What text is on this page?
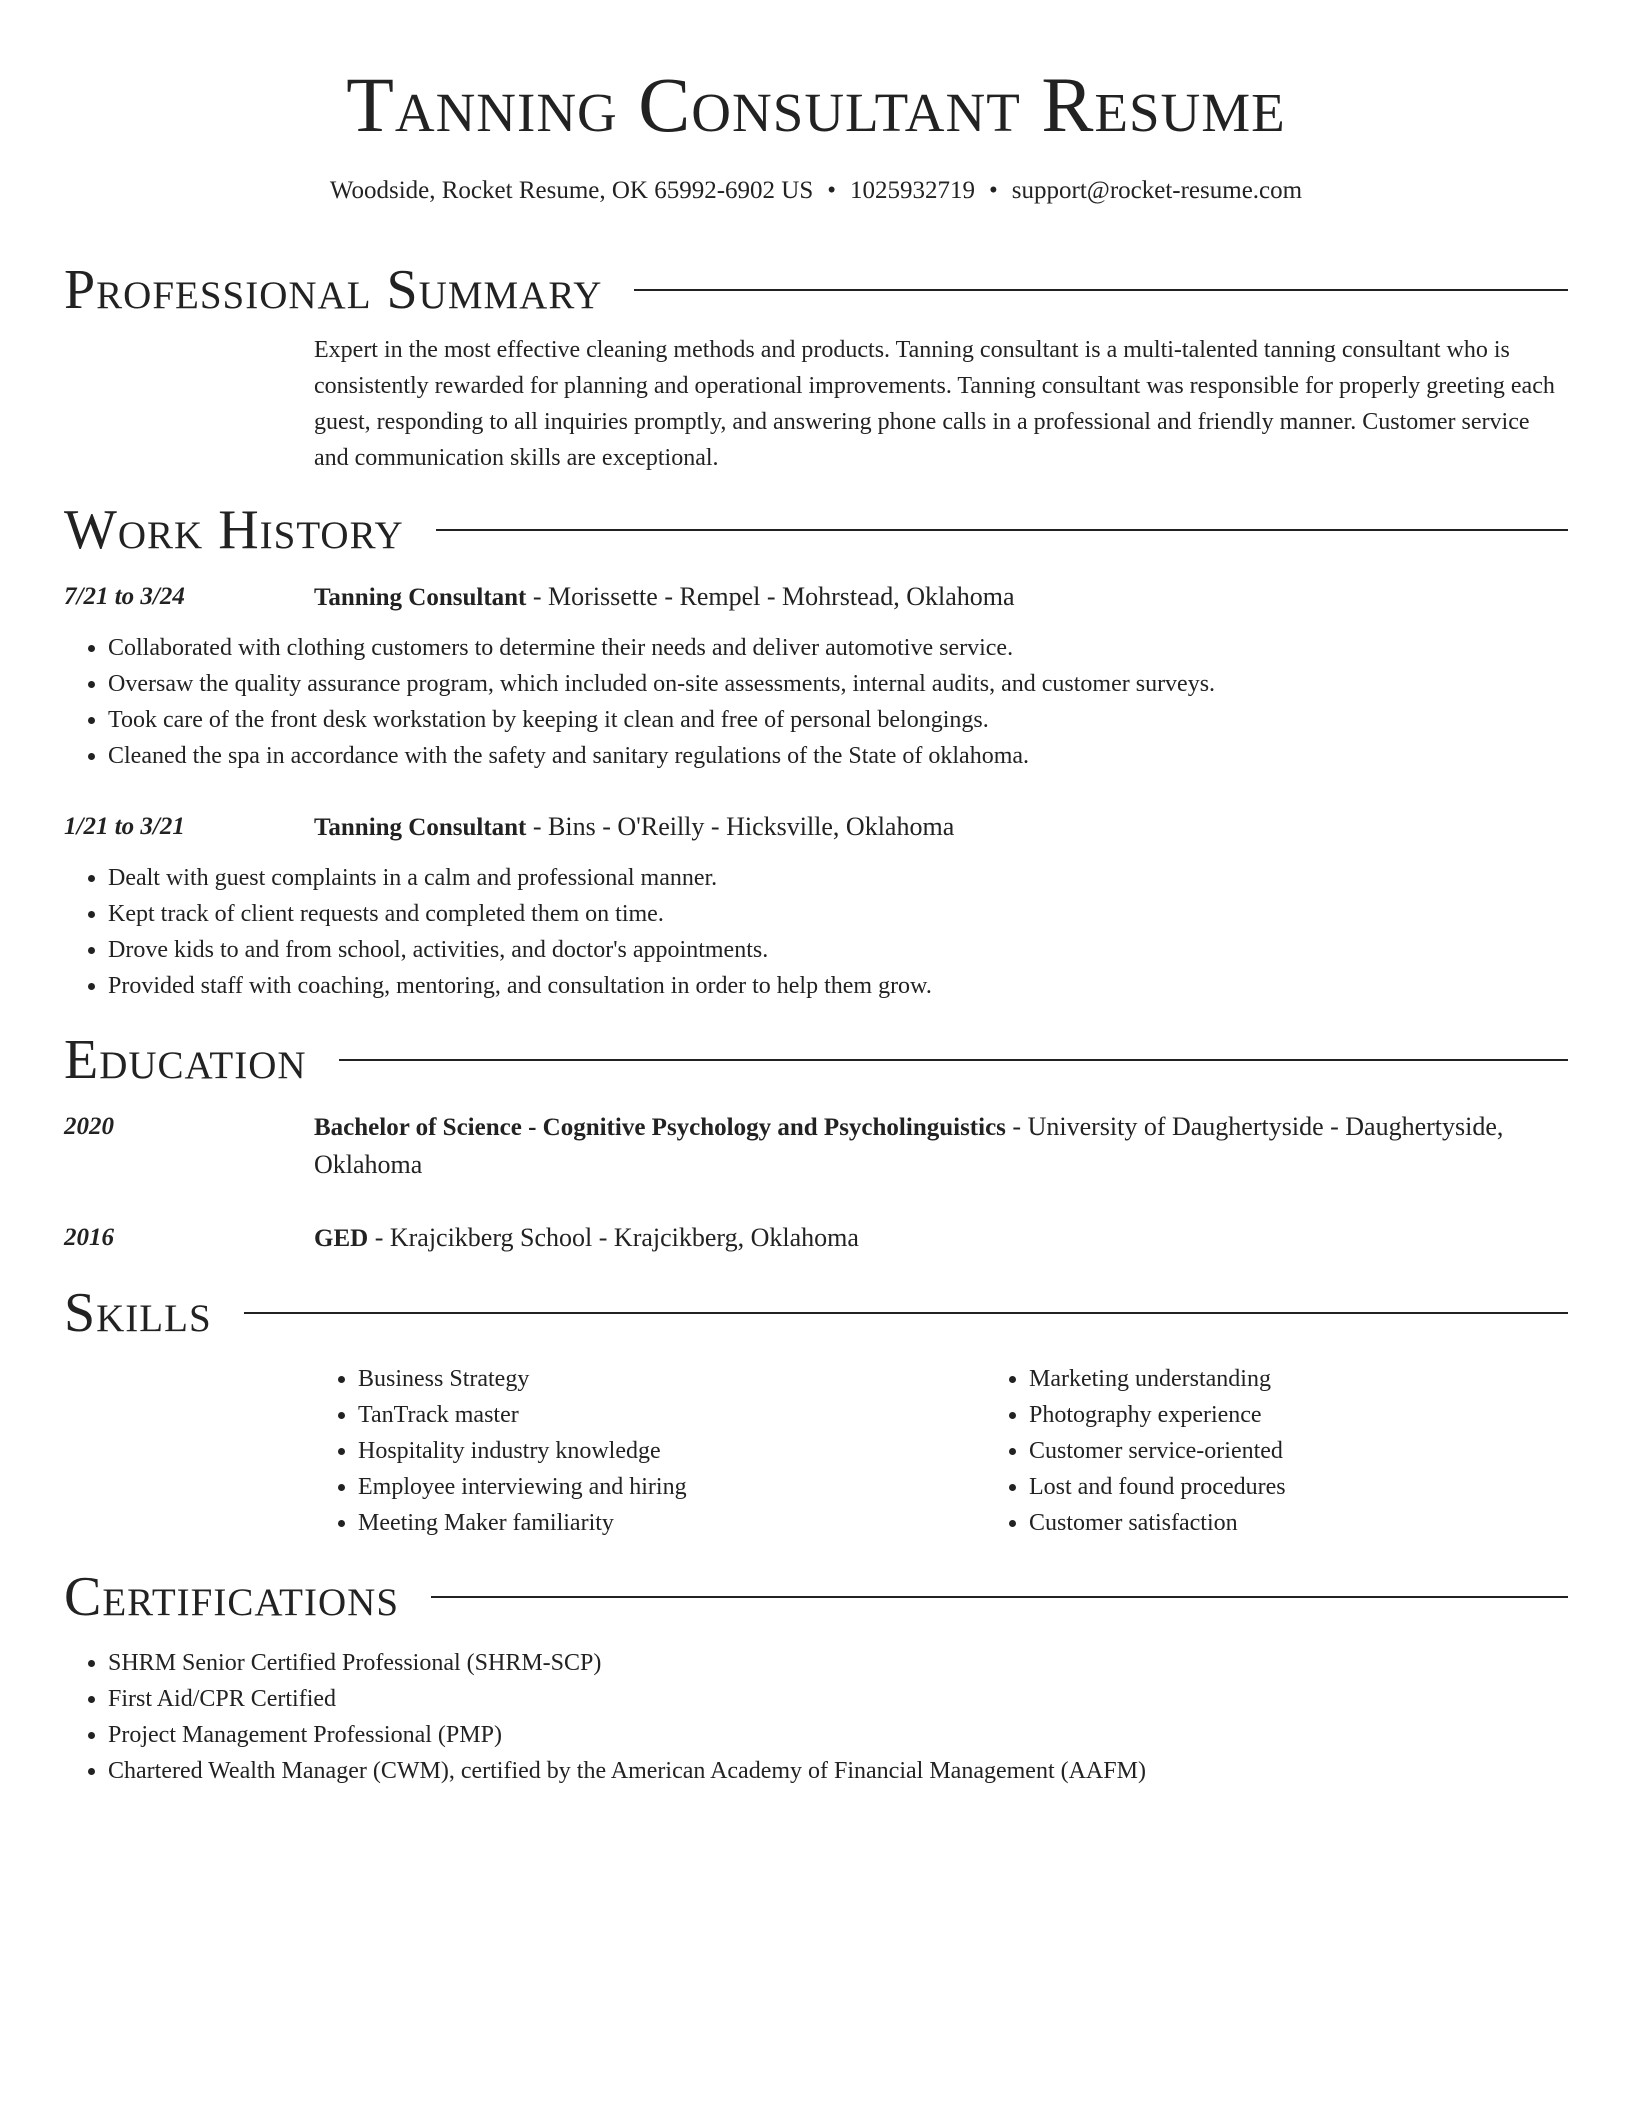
Tanning Consultant Resume
Woodside, Rocket Resume, OK 65992-6902 US • 1025932719 • support@rocket-resume.com
Professional Summary
Expert in the most effective cleaning methods and products. Tanning consultant is a multi-talented tanning consultant who is consistently rewarded for planning and operational improvements. Tanning consultant was responsible for properly greeting each guest, responding to all inquiries promptly, and answering phone calls in a professional and friendly manner. Customer service and communication skills are exceptional.
Work History
7/21 to 3/24	Tanning Consultant - Morissette - Rempel - Mohrstead, Oklahoma
• Collaborated with clothing customers to determine their needs and deliver automotive service.
• Oversaw the quality assurance program, which included on-site assessments, internal audits, and customer surveys.
• Took care of the front desk workstation by keeping it clean and free of personal belongings.
• Cleaned the spa in accordance with the safety and sanitary regulations of the State of oklahoma.
1/21 to 3/21	Tanning Consultant - Bins - O'Reilly - Hicksville, Oklahoma
• Dealt with guest complaints in a calm and professional manner.
• Kept track of client requests and completed them on time.
• Drove kids to and from school, activities, and doctor's appointments.
• Provided staff with coaching, mentoring, and consultation in order to help them grow.
Education
2020	Bachelor of Science - Cognitive Psychology and Psycholinguistics - University of Daughertyside - Daughertyside, Oklahoma
2016	GED - Krajcikberg School - Krajcikberg, Oklahoma
Skills
• Business Strategy
• TanTrack master
• Hospitality industry knowledge
• Employee interviewing and hiring
• Meeting Maker familiarity
• Marketing understanding
• Photography experience
• Customer service-oriented
• Lost and found procedures
• Customer satisfaction
Certifications
• SHRM Senior Certified Professional (SHRM-SCP)
• First Aid/CPR Certified
• Project Management Professional (PMP)
• Chartered Wealth Manager (CWM), certified by the American Academy of Financial Management (AAFM)
